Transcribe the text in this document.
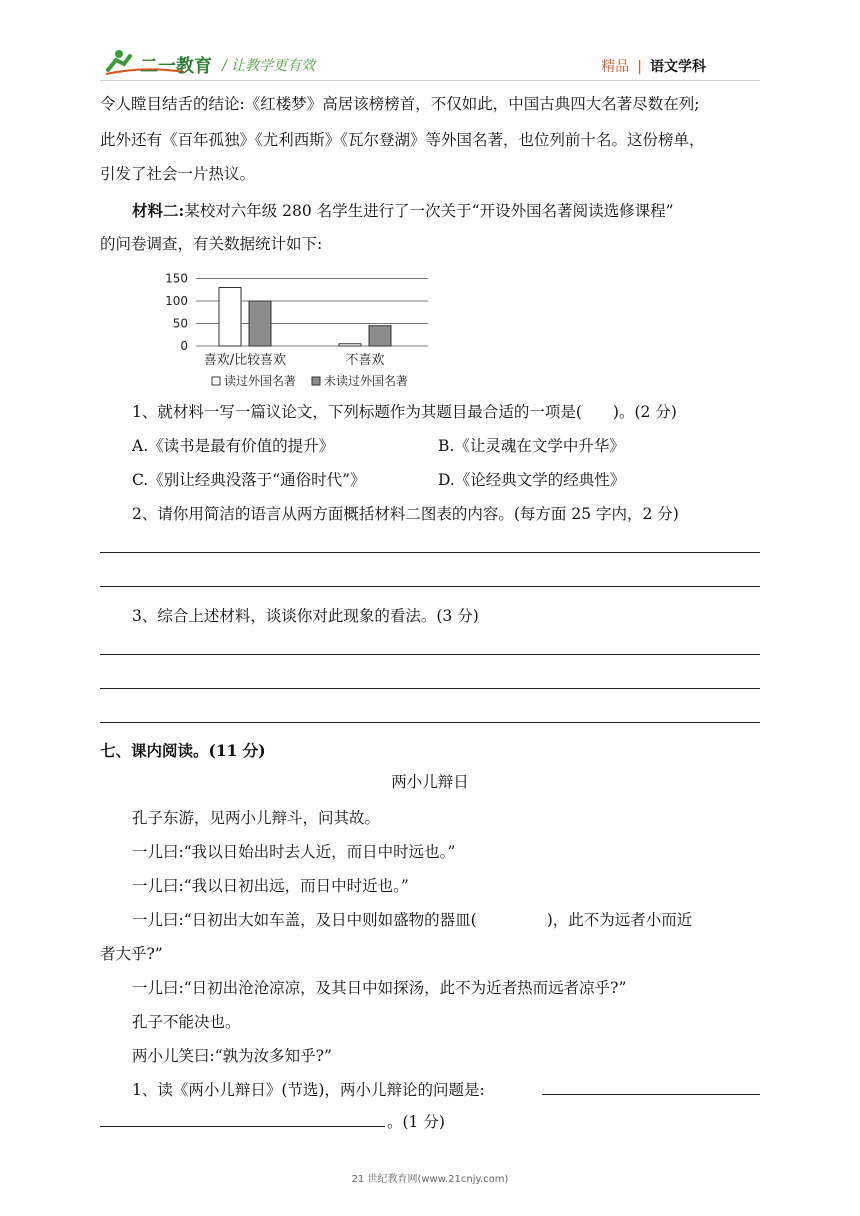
二一教育 / 让教学更有效	精品 | 语文学科
令人瞠目结舌的结论:《红楼梦》高居该榜榜首，不仅如此，中国古典四大名著尽数在列;
此外还有《百年孤独》《尤利西斯》《瓦尔登湖》等外国名著，也位列前十名。这份榜单，
引发了社会一片热议。
材料二:某校对六年级 280 名学生进行了一次关于“开设外国名著阅读选修课程”
的问卷调查，有关数据统计如下:
0
50
100
150
喜欢/比较喜欢	不喜欢
读过外国名著 未读过外国名著
1、就材料一写一篇议论文，下列标题作为其题目最合适的一项是(　　)。(2 分)
A.《读书是最有价值的提升》	B.《让灵魂在文学中升华》
C.《别让经典没落于“通俗时代”》	D.《论经典文学的经典性》
2、请你用简洁的语言从两方面概括材料二图表的内容。(每方面 25 字内，2 分)
3、综合上述材料，谈谈你对此现象的看法。(3 分)
七、课内阅读。(11 分)
两小儿辩日
孔子东游，见两小儿辩斗，问其故。
一儿曰:“我以日始出时去人近，而日中时远也。”
一儿曰:“我以日初出远，而日中时近也。”
一儿曰:“日初出大如车盖，及日中则如盛物的器皿(	)，此不为远者小而近
者大乎?”
一儿曰:“日初出沧沧凉凉，及其日中如探汤，此不为近者热而远者凉乎?”
孔子不能决也。
两小儿笑曰:“孰为汝多知乎?”
1、读《两小儿辩日》(节选)，两小儿辩论的问题是:
。(1 分)
21 世纪教育网(www.21cnjy.com)
